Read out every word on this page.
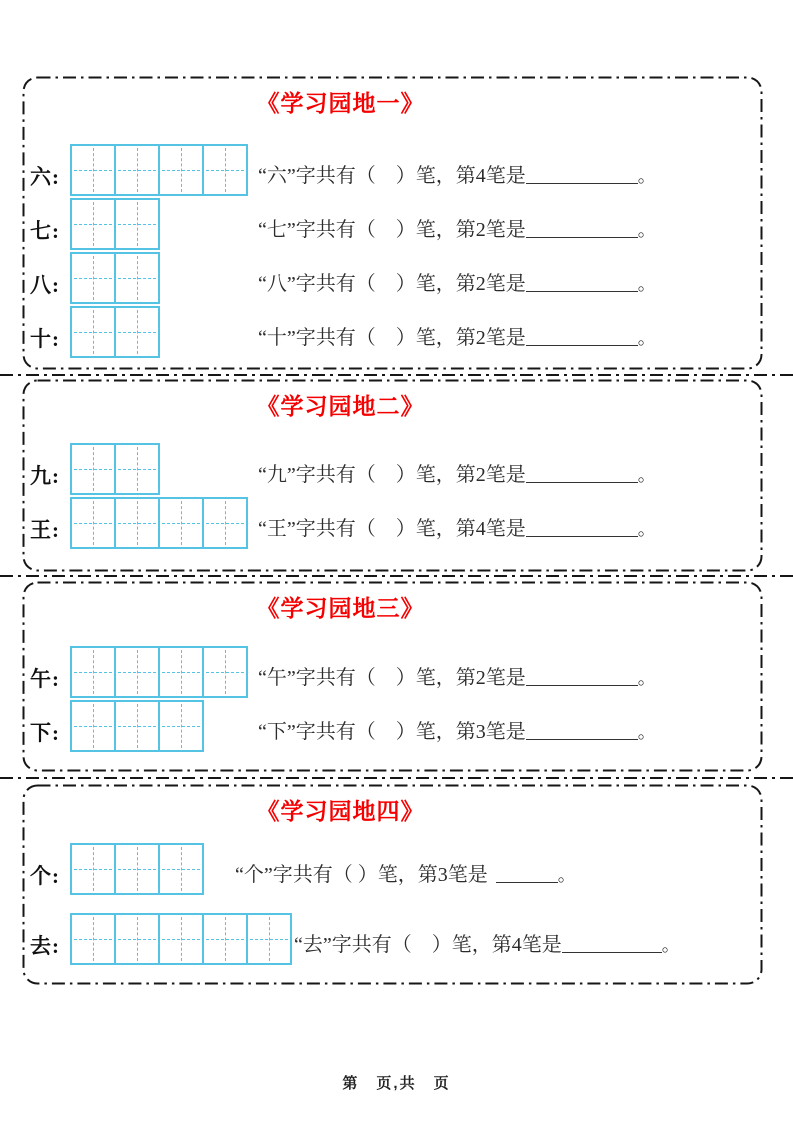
《学习园地一》
六:	“六”字共有（　）笔，第4笔是	。
七:	“七”字共有（　）笔，第2笔是	。
八:	“八”字共有（　）笔，第2笔是	。
十:	“十”字共有（　）笔，第2笔是	。
《学习园地二》
九:	“九”字共有（　）笔，第2笔是	。
王:	“王”字共有（　）笔，第4笔是	。
《学习园地三》
午:	“午”字共有（　）笔，第2笔是	。
下:	“下”字共有（　）笔，第3笔是	。
《学习园地四》
个:	“个”字共有（ ）笔，第3笔是	。
去:	“去”字共有（　）笔，第4笔是	。
第　页,共　页
